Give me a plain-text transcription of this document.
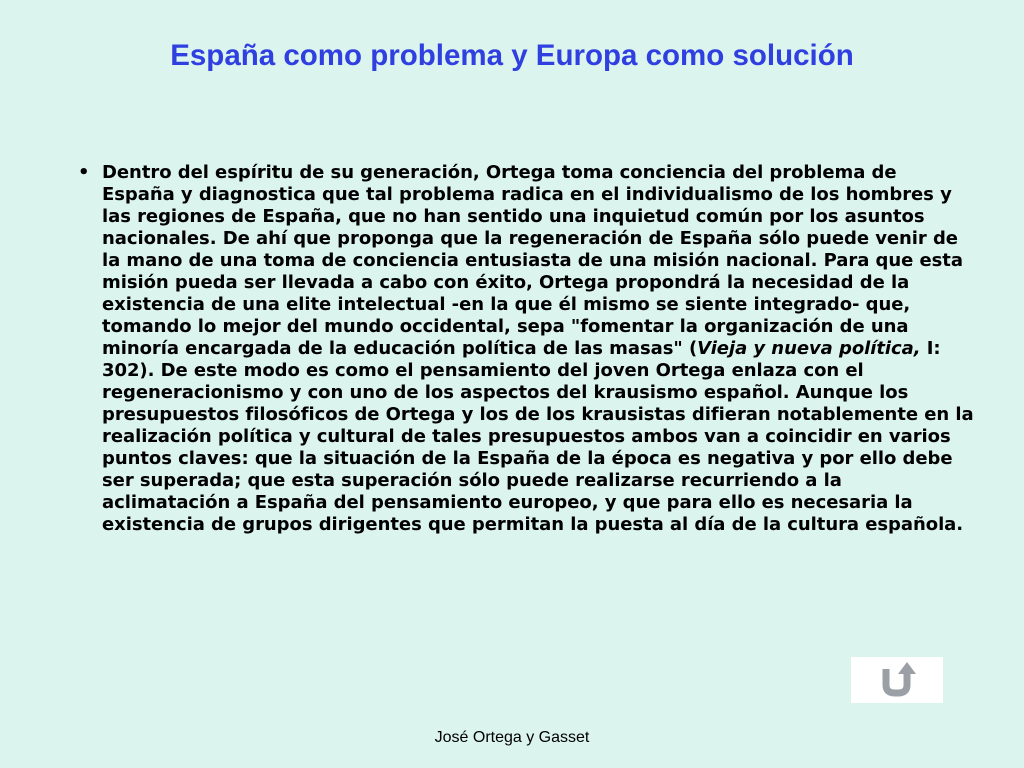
España como problema y Europa como solución
• Dentro del espíritu de su generación, Ortega toma conciencia del problema de España y diagnostica que tal problema radica en el individualismo de los hombres y las regiones de España, que no han sentido una inquietud común por los asuntos nacionales. De ahí que proponga que la regeneración de España sólo puede venir de la mano de una toma de conciencia entusiasta de una misión nacional. Para que esta misión pueda ser llevada a cabo con éxito, Ortega propondrá la necesidad de la existencia de una elite intelectual -en la que él mismo se siente integrado- que, tomando lo mejor del mundo occidental, sepa "fomentar la organización de una minoría encargada de la educación política de las masas" (Vieja y nueva política, I: 302). De este modo es como el pensamiento del joven Ortega enlaza con el regeneracionismo y con uno de los aspectos del krausismo español. Aunque los presupuestos filosóficos de Ortega y los de los krausistas difieran notablemente en la realización política y cultural de tales presupuestos ambos van a coincidir en varios puntos claves: que la situación de la España de la época es negativa y por ello debe ser superada; que esta superación sólo puede realizarse recurriendo a la aclimatación a España del pensamiento europeo, y que para ello es necesaria la existencia de grupos dirigentes que permitan la puesta al día de la cultura española.
José Ortega y Gasset
